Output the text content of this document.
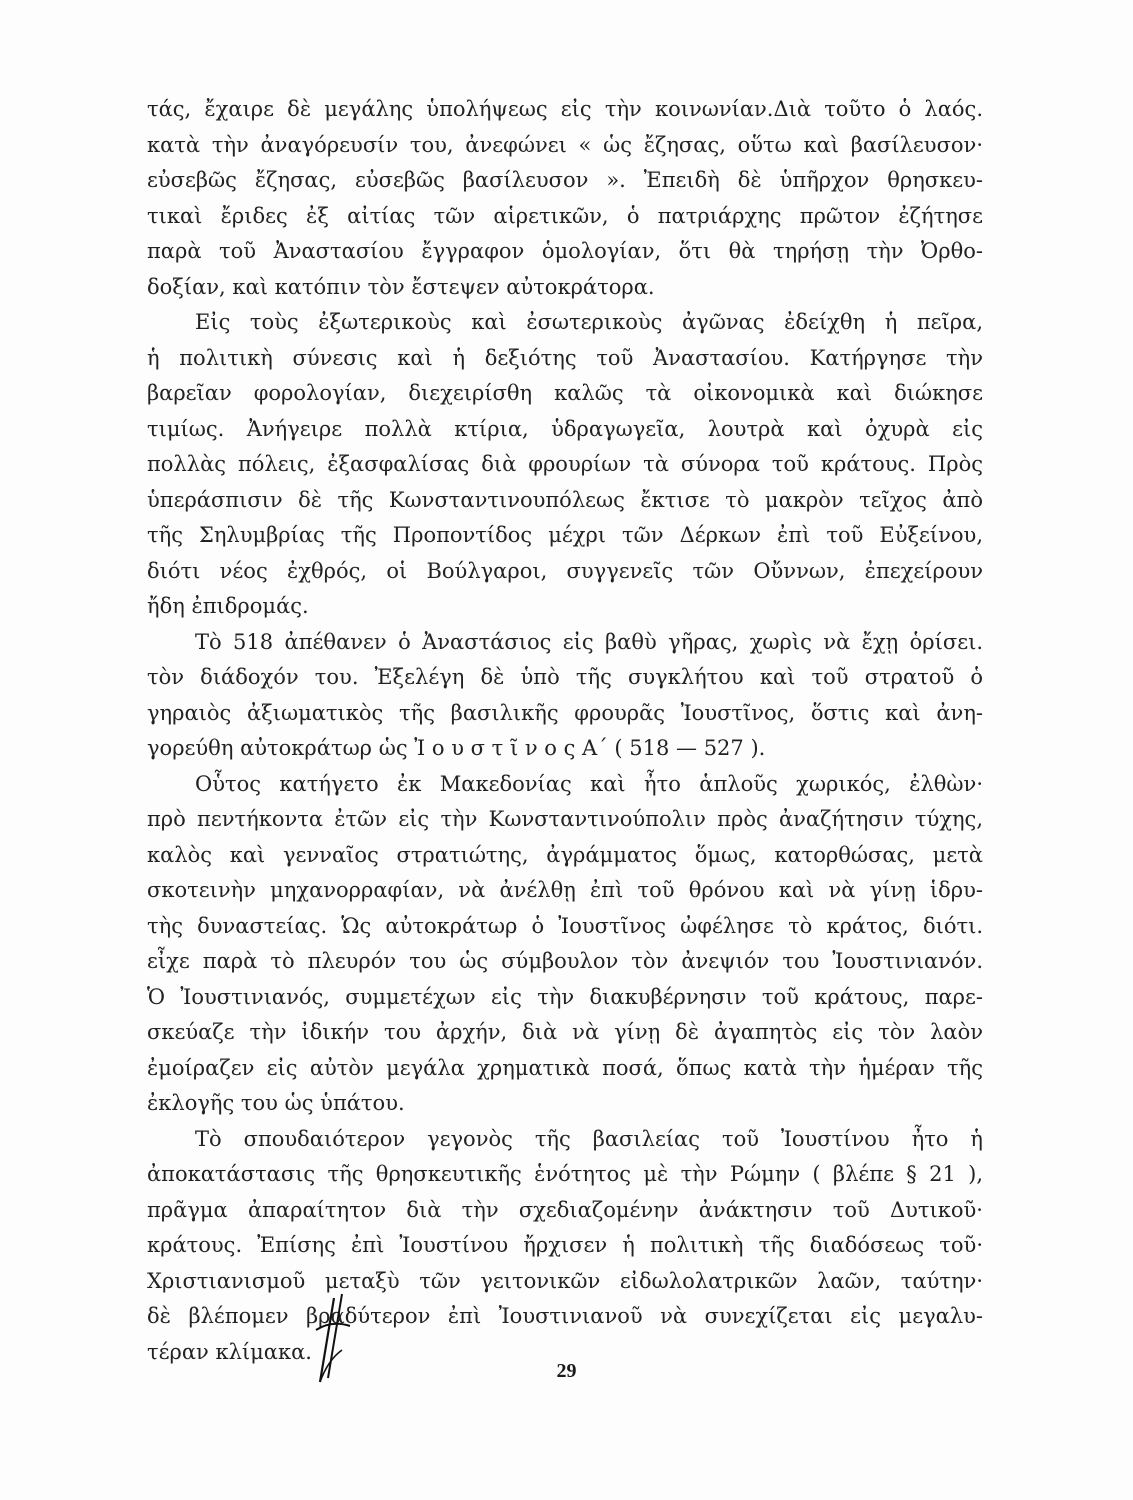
τάς, ἔχαιρε δὲ μεγάλης ὑπολήψεως εἰς τὴν κοινωνίαν.Διὰ τοῦτο ὁ λαός.
κατὰ τὴν ἀναγόρευσίν του, ἀνεφώνει « ὡς ἔζησας, οὕτω καὶ βασίλευσον·
εὐσεβῶς ἔζησας, εὐσεβῶς βασίλευσον ». Ἐπειδὴ δὲ ὑπῆρχον θρησκευ-
τικαὶ ἔριδες ἐξ αἰτίας τῶν αἱρετικῶν, ὁ πατριάρχης πρῶτον ἐζήτησε
παρὰ τοῦ Ἀναστασίου ἔγγραφον ὁμολογίαν, ὅτι θὰ τηρήσῃ τὴν Ὀρθο-
δοξίαν, καὶ κατόπιν τὸν ἔστεψεν αὐτοκράτορα.
Εἰς τοὺς ἐξωτερικοὺς καὶ ἐσωτερικοὺς ἀγῶνας ἐδείχθη ἡ πεῖρα,
ἡ πολιτικὴ σύνεσις καὶ ἡ δεξιότης τοῦ Ἀναστασίου. Κατήργησε τὴν
βαρεῖαν φορολογίαν, διεχειρίσθη καλῶς τὰ οἰκονομικὰ καὶ διώκησε
τιμίως. Ἀνήγειρε πολλὰ κτίρια, ὑδραγωγεῖα, λουτρὰ καὶ ὀχυρὰ εἰς
πολλὰς πόλεις, ἐξασφαλίσας διὰ φρουρίων τὰ σύνορα τοῦ κράτους. Πρὸς
ὑπεράσπισιν δὲ τῆς Κωνσταντινουπόλεως ἔκτισε τὸ μακρὸν τεῖχος ἀπὸ
τῆς Σηλυμβρίας τῆς Προποντίδος μέχρι τῶν Δέρκων ἐπὶ τοῦ Εὐξείνου,
διότι νέος ἐχθρός, οἱ Βούλγαροι, συγγενεῖς τῶν Οὔννων, ἐπεχείρουν
ἤδη ἐπιδρομάς.
Τὸ 518 ἀπέθανεν ὁ Ἀναστάσιος εἰς βαθὺ γῆρας, χωρὶς νὰ ἔχῃ ὁρίσει.
τὸν διάδοχόν του. Ἐξελέγη δὲ ὑπὸ τῆς συγκλήτου καὶ τοῦ στρατοῦ ὁ
γηραιὸς ἀξιωματικὸς τῆς βασιλικῆς φρουρᾶς Ἰουστῖνος, ὅστις καὶ ἀνη-
γορεύθη αὐτοκράτωρ ὡς Ἰ ο υ σ τ ῖ ν ο ς Α΄ ( 518 — 527 ).
Οὗτος κατήγετο ἐκ Μακεδονίας καὶ ἦτο ἁπλοῦς χωρικός, ἐλθὼν·
πρὸ πεντήκοντα ἐτῶν εἰς τὴν Κωνσταντινούπολιν πρὸς ἀναζήτησιν τύχης,
καλὸς καὶ γενναῖος στρατιώτης, ἀγράμματος ὅμως, κατορθώσας, μετὰ
σκοτεινὴν μηχανορραφίαν, νὰ ἀνέλθῃ ἐπὶ τοῦ θρόνου καὶ νὰ γίνῃ ἱδρυ-
τὴς δυναστείας. Ὡς αὐτοκράτωρ ὁ Ἰουστῖνος ὠφέλησε τὸ κράτος, διότι.
εἶχε παρὰ τὸ πλευρόν του ὡς σύμβουλον τὸν ἀνεψιόν του Ἰουστινιανόν.
Ὁ Ἰουστινιανός, συμμετέχων εἰς τὴν διακυβέρνησιν τοῦ κράτους, παρε-
σκεύαζε τὴν ἰδικήν του ἀρχήν, διὰ νὰ γίνῃ δὲ ἀγαπητὸς εἰς τὸν λαὸν
ἐμοίραζεν εἰς αὐτὸν μεγάλα χρηματικὰ ποσά, ὅπως κατὰ τὴν ἡμέραν τῆς
ἐκλογῆς του ὡς ὑπάτου.
Τὸ σπουδαιότερον γεγονὸς τῆς βασιλείας τοῦ Ἰουστίνου ἦτο ἡ
ἀποκατάστασις τῆς θρησκευτικῆς ἑνότητος μὲ τὴν Ρώμην ( βλέπε § 21 ),
πρᾶγμα ἀπαραίτητον διὰ τὴν σχεδιαζομένην ἀνάκτησιν τοῦ Δυτικοῦ·
κράτους. Ἐπίσης ἐπὶ Ἰουστίνου ἤρχισεν ἡ πολιτικὴ τῆς διαδόσεως τοῦ·
Χριστιανισμοῦ μεταξὺ τῶν γειτονικῶν εἰδωλολατρικῶν λαῶν, ταύτην·
δὲ βλέπομεν βραδύτερον ἐπὶ Ἰουστινιανοῦ νὰ συνεχίζεται εἰς μεγαλυ-
τέραν κλίμακα.
29
